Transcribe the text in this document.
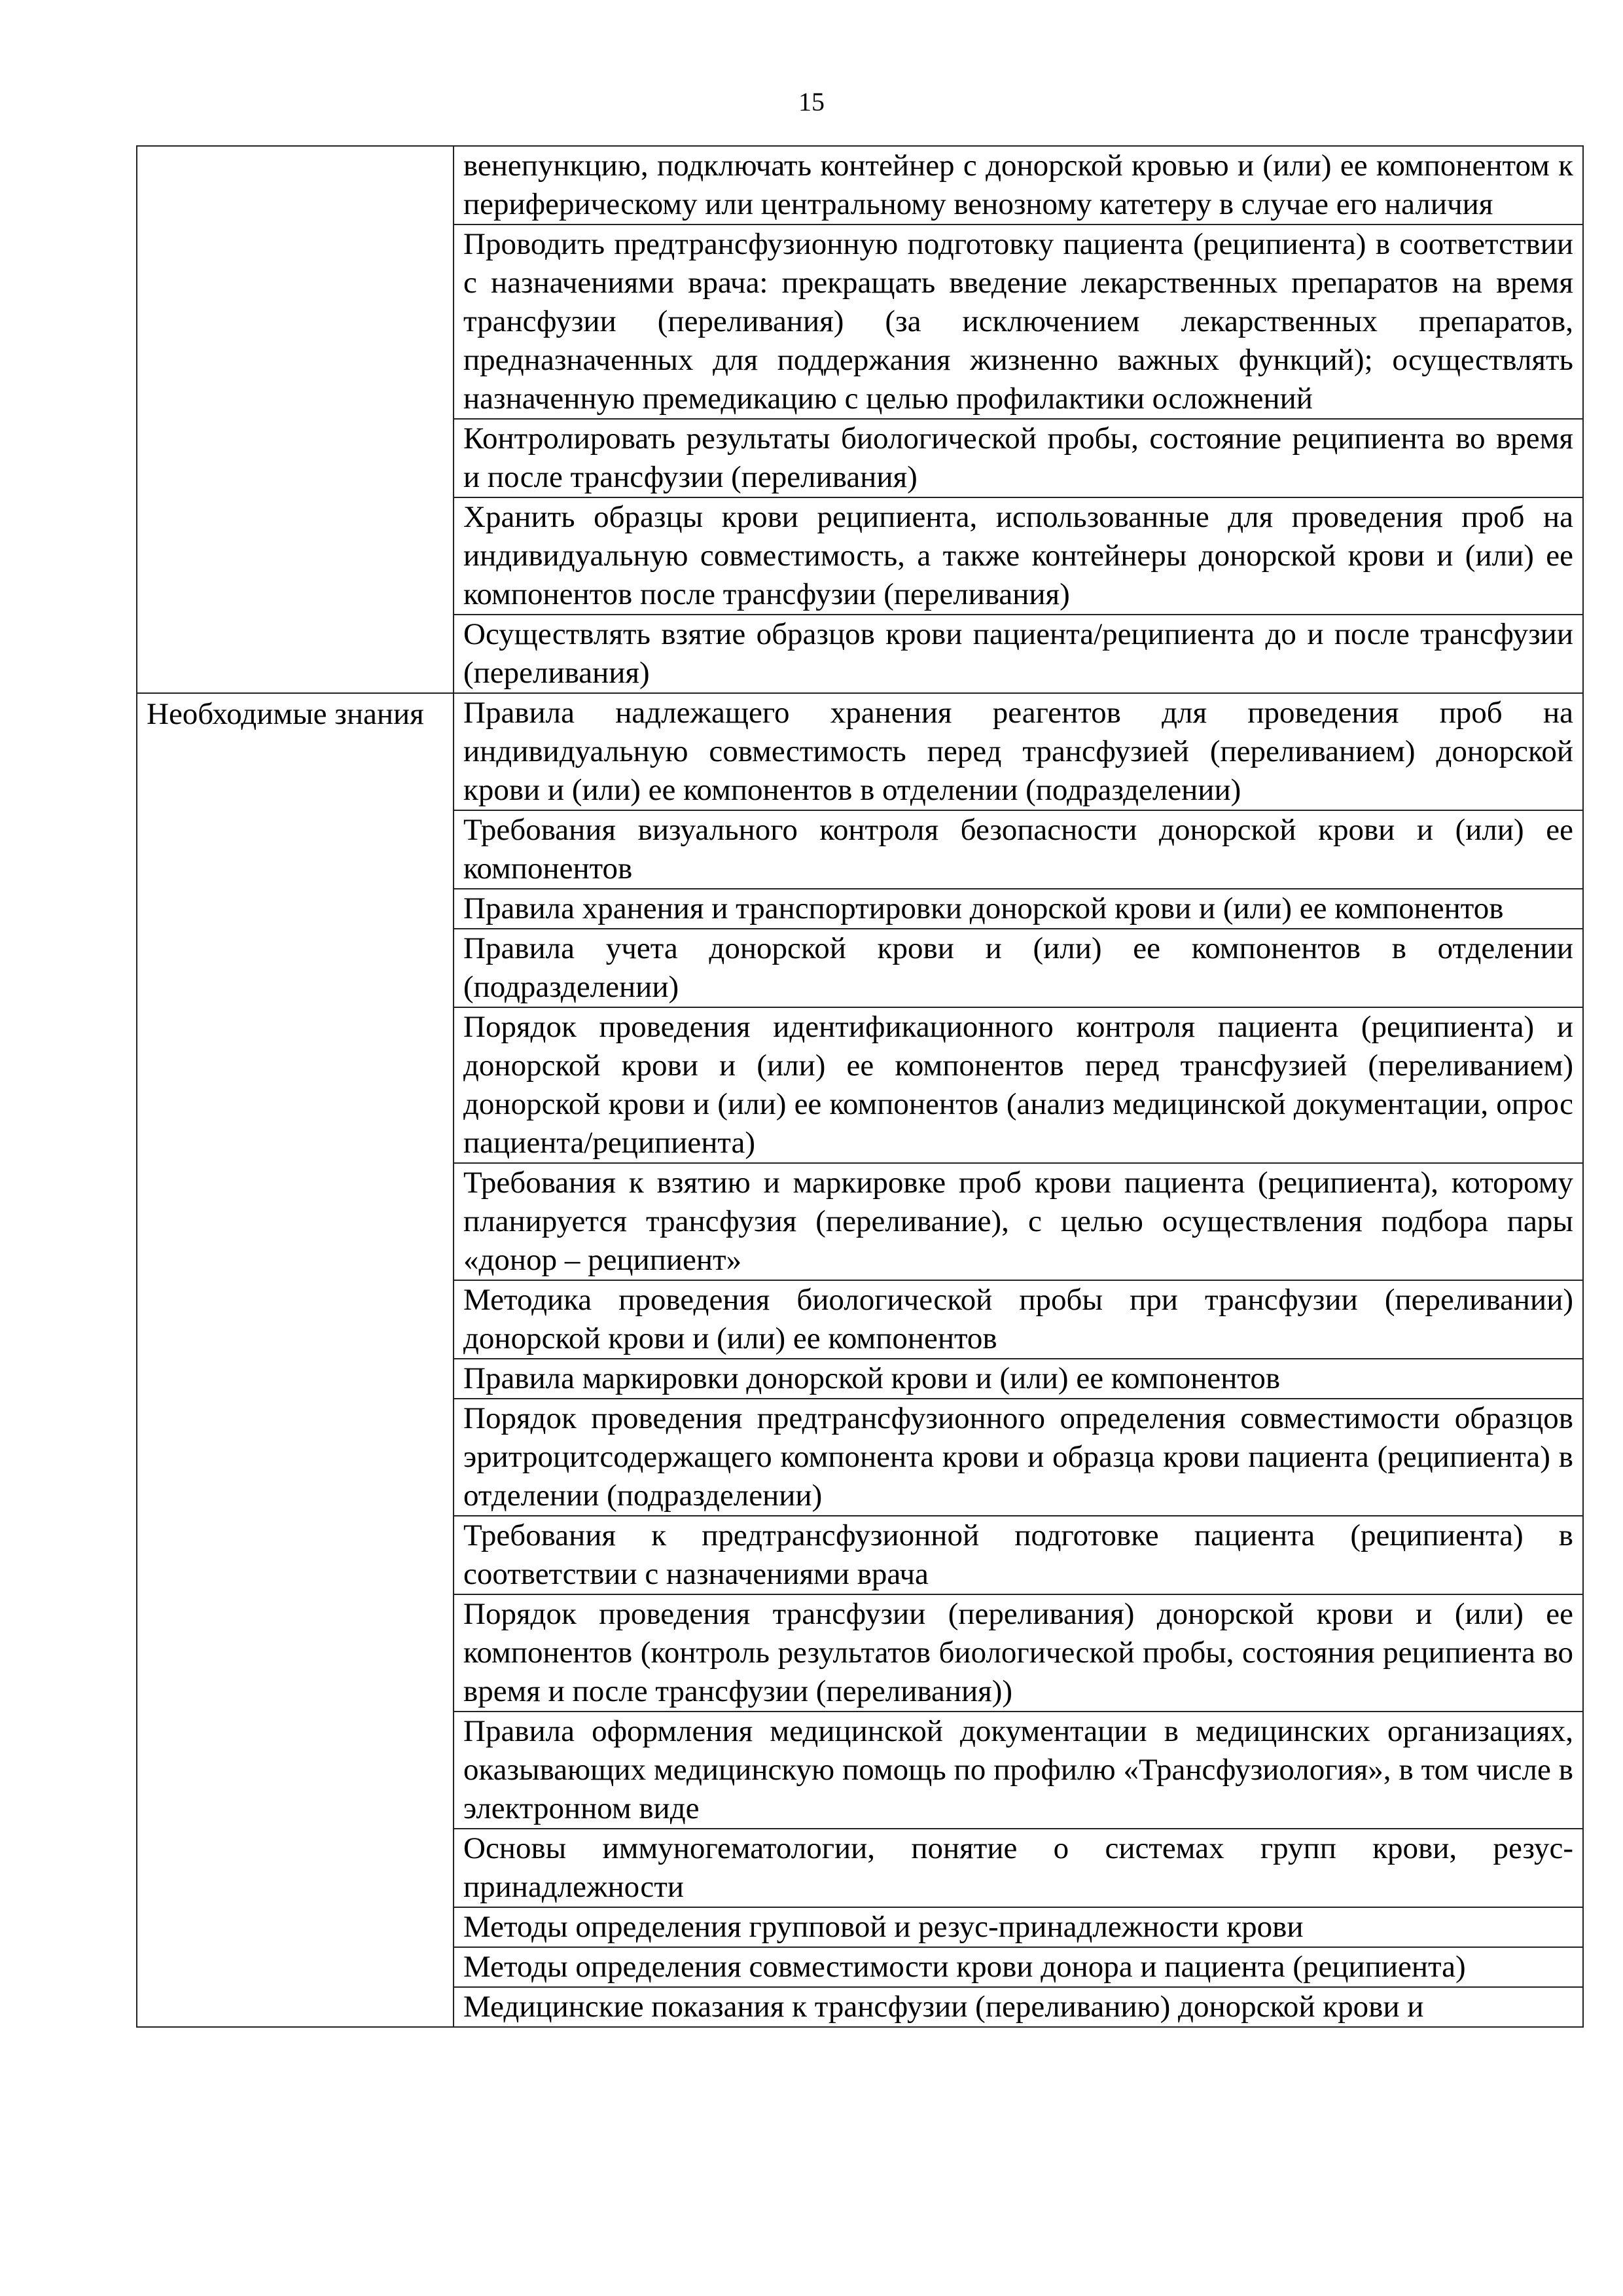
15

	венепункцию, подключать контейнер с донорской кровью и (или) ее компонентом к периферическому или центральному венозному катетеру в случае его наличия

	Проводить предтрансфузионную подготовку пациента (реципиента) в соответствии с назначениями врача: прекращать введение лекарственных препаратов на время трансфузии (переливания) (за исключением лекарственных препаратов, предназначенных для поддержания жизненно важных функций); осуществлять назначенную премедикацию с целью профилактики осложнений

	Контролировать результаты биологической пробы, состояние реципиента во время и после трансфузии (переливания)

	Хранить образцы крови реципиента, использованные для проведения проб на индивидуальную совместимость, а также контейнеры донорской крови и (или) ее компонентов после трансфузии (переливания)

	Осуществлять взятие образцов крови пациента/реципиента до и после трансфузии (переливания)

Необходимые знания	Правила надлежащего хранения реагентов для проведения проб на индивидуальную совместимость перед трансфузией (переливанием) донорской крови и (или) ее компонентов в отделении (подразделении)

	Требования визуального контроля безопасности донорской крови и (или) ее компонентов

	Правила хранения и транспортировки донорской крови и (или) ее компонентов

	Правила учета донорской крови и (или) ее компонентов в отделении (подразделении)

	Порядок проведения идентификационного контроля пациента (реципиента) и донорской крови и (или) ее компонентов перед трансфузией (переливанием) донорской крови и (или) ее компонентов (анализ медицинской документации, опрос пациента/реципиента)

	Требования к взятию и маркировке проб крови пациента (реципиента), которому планируется трансфузия (переливание), с целью осуществления подбора пары «донор – реципиент»

	Методика проведения биологической пробы при трансфузии (переливании) донорской крови и (или) ее компонентов

	Правила маркировки донорской крови и (или) ее компонентов

	Порядок проведения предтрансфузионного определения совместимости образцов эритроцитсодержащего компонента крови и образца крови пациента (реципиента) в отделении (подразделении)

	Требования к предтрансфузионной подготовке пациента (реципиента) в соответствии с назначениями врача

	Порядок проведения трансфузии (переливания) донорской крови и (или) ее компонентов (контроль результатов биологической пробы, состояния реципиента во время и после трансфузии (переливания))

	Правила оформления медицинской документации в медицинских организациях, оказывающих медицинскую помощь по профилю «Трансфузиология», в том числе в электронном виде

	Основы иммуногематологии, понятие о системах групп крови, резус-принадлежности

	Методы определения групповой и резус-принадлежности крови

	Методы определения совместимости крови донора и пациента (реципиента)

	Медицинские показания к трансфузии (переливанию) донорской крови и
